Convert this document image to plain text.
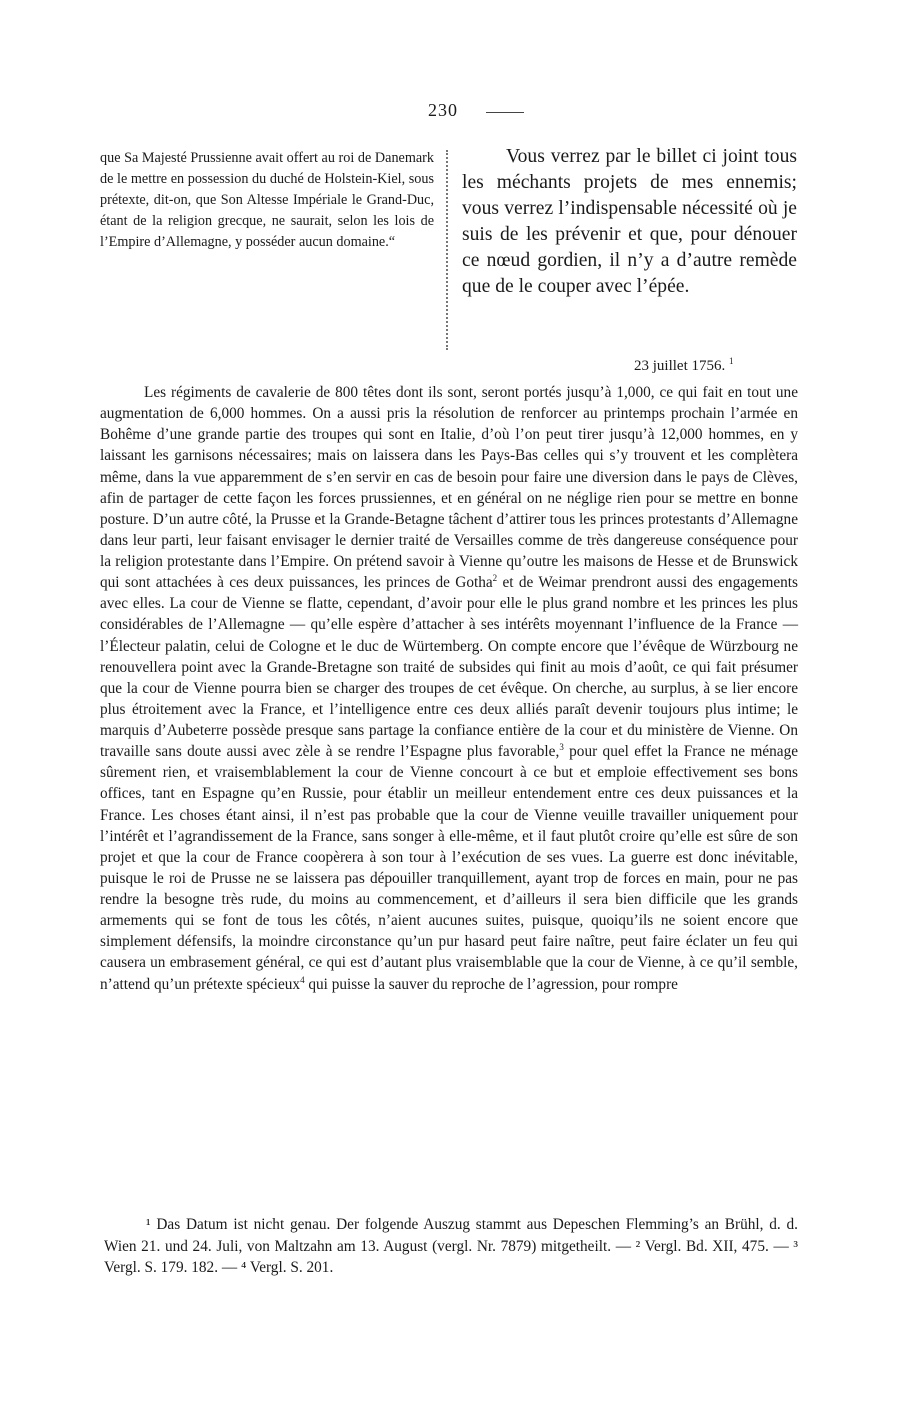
230
que Sa Majesté Prussienne avait offert au roi de Danemark de le mettre en possession du duché de Holstein-Kiel, sous prétexte, dit-on, que Son Altesse Impériale le Grand-Duc, étant de la religion grecque, ne saurait, selon les lois de l’Empire d’Allemagne, y posséder aucun domaine.“

Vous verrez par le billet ci joint tous les méchants projets de mes ennemis; vous verrez l’indispensable nécessité où je suis de les prévenir et que, pour dénouer ce nœud gordien, il n’y a d’autre remède que de le couper avec l’épée.

23 juillet 1756. $^1$

Les régiments de cavalerie de 800 têtes dont ils sont, seront portés jusqu’à 1,000, ce qui fait en tout une augmentation de 6,000 hommes. On a aussi pris la résolution de renforcer au printemps prochain l’armée en Bohême d’une grande partie des troupes qui sont en Italie, d’où l’on peut tirer jusqu’à 12,000 hommes, en y laissant les garnisons nécessaires; mais on laissera dans les Pays-Bas celles qui s’y trouvent et les complètera même, dans la vue apparemment de s’en servir en cas de besoin pour faire une diversion dans le pays de Clèves, afin de partager de cette façon les forces prussiennes, et en général on ne néglige rien pour se mettre en bonne posture. D’un autre côté, la Prusse et la Grande-Betagne tâchent d’attirer tous les princes protestants d’Allemagne dans leur parti, leur faisant envisager le dernier traité de Versailles comme de très dangereuse conséquence pour la religion protestante dans l’Empire. On prétend savoir à Vienne qu’outre les maisons de Hesse et de Brunswick qui sont attachées à ces deux puissances, les princes de Gotha$^2$ et de Weimar prendront aussi des engagements avec elles. La cour de Vienne se flatte, cependant, d’avoir pour elle le plus grand nombre et les princes les plus considérables de l’Allemagne — qu’elle espère d’attacher à ses intérêts moyennant l’influence de la France — l’Électeur palatin, celui de Cologne et le duc de Würtemberg. On compte encore que l’évêque de Würzbourg ne renouvellera point avec la Grande-Bretagne son traité de subsides qui finit au mois d’août, ce qui fait présumer que la cour de Vienne pourra bien se charger des troupes de cet évêque. On cherche, au surplus, à se lier encore plus étroitement avec la France, et l’intelligence entre ces deux alliés paraît devenir toujours plus intime; le marquis d’Aubeterre possède presque sans partage la confiance entière de la cour et du ministère de Vienne. On travaille sans doute aussi avec zèle à se rendre l’Espagne plus favorable,$^3$ pour quel effet la France ne ménage sûrement rien, et vraisemblablement la cour de Vienne concourt à ce but et emploie effectivement ses bons offices, tant en Espagne qu’en Russie, pour établir un meilleur entendement entre ces deux puissances et la France. Les choses étant ainsi, il n’est pas probable que la cour de Vienne veuille travailler uniquement pour l’intérêt et l’agrandissement de la France, sans songer à elle-même, et il faut plutôt croire qu’elle est sûre de son projet et que la cour de France coopèrera à son tour à l’exécution de ses vues. La guerre est donc inévitable, puisque le roi de Prusse ne se laissera pas dépouiller tranquillement, ayant trop de forces en main, pour ne pas rendre la besogne très rude, du moins au commencement, et d’ailleurs il sera bien difficile que les grands armements qui se font de tous les côtés, n’aient aucunes suites, puisque, quoiqu’ils ne soient encore que simplement défensifs, la moindre circonstance qu’un pur hasard peut faire naître, peut faire éclater un feu qui causera un embrasement général, ce qui est d’autant plus vraisemblable que la cour de Vienne, à ce qu’il semble, n’attend qu’un prétexte spécieux$^4$ qui puisse la sauver du reproche de l’agression, pour rompre

¹ Das Datum ist nicht genau. Der folgende Auszug stammt aus Depeschen Flemming’s an Brühl, d. d. Wien 21. und 24. Juli, von Maltzahn am 13. August (vergl. Nr. 7879) mitgetheilt. — ² Vergl. Bd. XII, 475. — ³ Vergl. S. 179. 182. — ⁴ Vergl. S. 201.
